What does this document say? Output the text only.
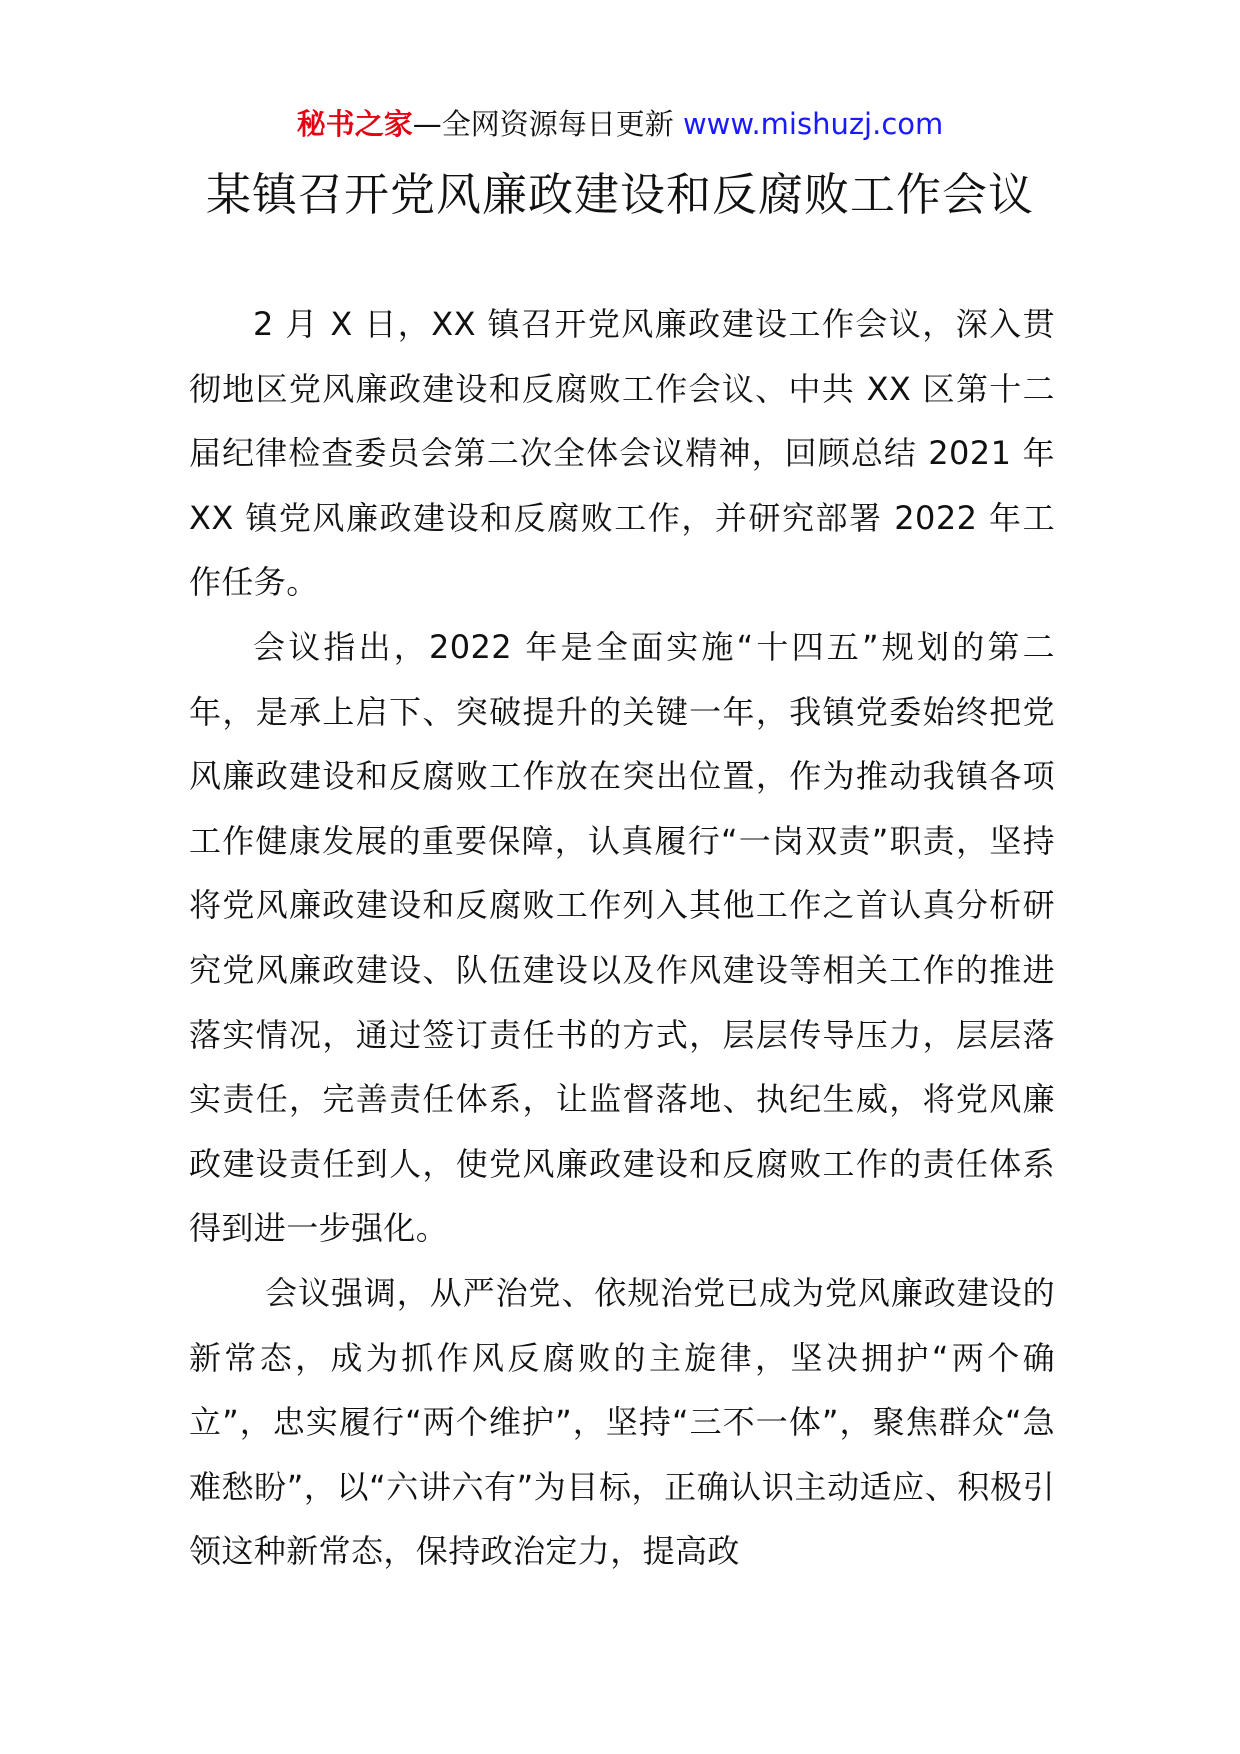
秘书之家—全网资源每日更新 www.mishuzj.com
某镇召开党风廉政建设和反腐败工作会议

2 月 X 日，XX 镇召开党风廉政建设工作会议，深入贯彻地区党风廉政建设和反腐败工作会议、中共 XX 区第十二届纪律检查委员会第二次全体会议精神，回顾总结 2021 年 XX 镇党风廉政建设和反腐败工作，并研究部署 2022 年工作任务。

会议指出，2022 年是全面实施“十四五”规划的第二年，是承上启下、突破提升的关键一年，我镇党委始终把党风廉政建设和反腐败工作放在突出位置，作为推动我镇各项工作健康发展的重要保障，认真履行“一岗双责”职责，坚持将党风廉政建设和反腐败工作列入其他工作之首认真分析研究党风廉政建设、队伍建设以及作风建设等相关工作的推进落实情况，通过签订责任书的方式，层层传导压力，层层落实责任，完善责任体系，让监督落地、执纪生威，将党风廉政建设责任到人，使党风廉政建设和反腐败工作的责任体系得到进一步强化。

会议强调，从严治党、依规治党已成为党风廉政建设的新常态，成为抓作风反腐败的主旋律，坚决拥护“两个确立”，忠实履行“两个维护”，坚持“三不一体”，聚焦群众“急难愁盼”，以“六讲六有”为目标，正确认识主动适应、积极引领这种新常态，保持政治定力，提高政
